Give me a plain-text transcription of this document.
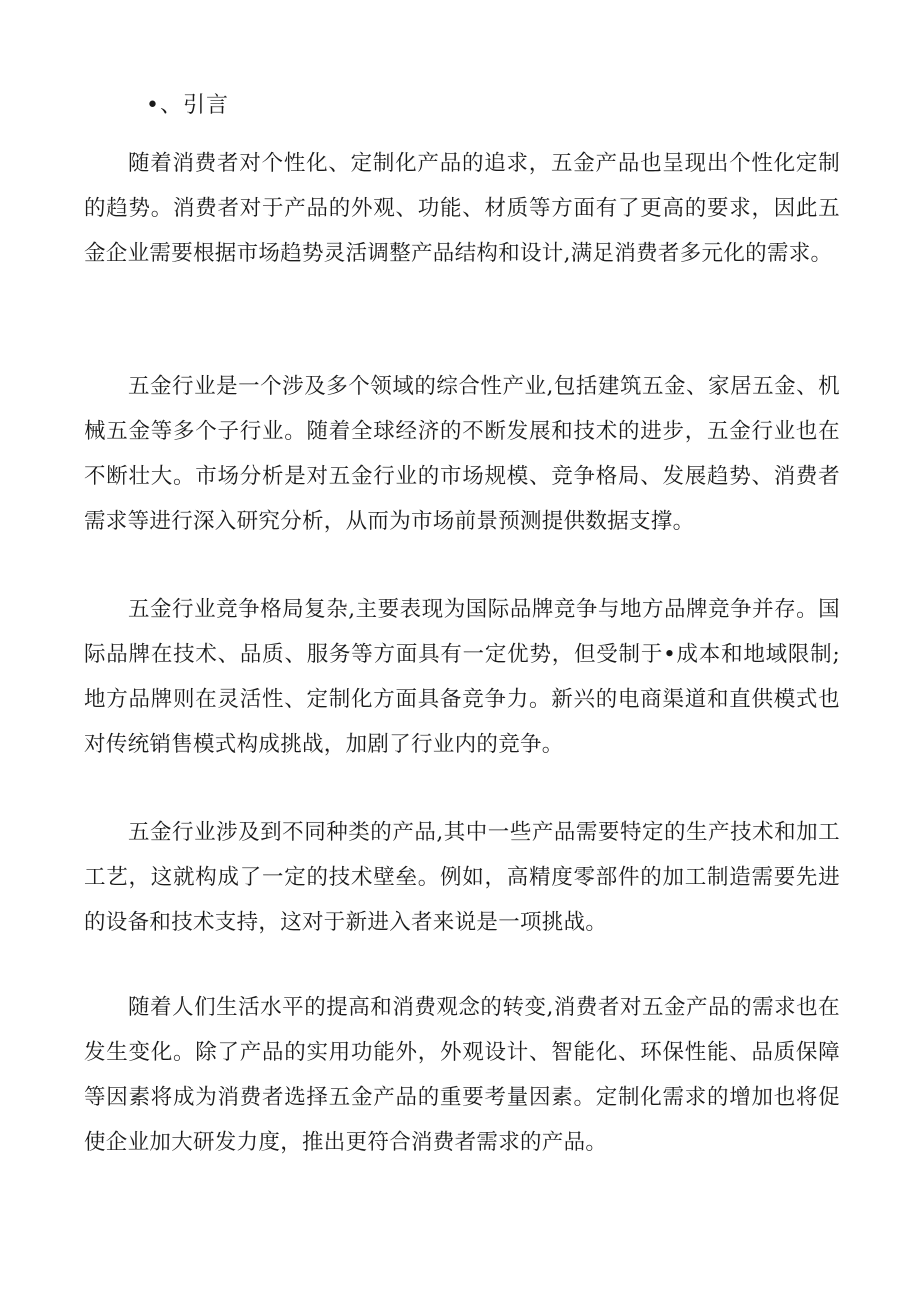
•、引言

随着消费者对个性化、定制化产品的追求，五金产品也呈现出个性化定制的趋势。消费者对于产品的外观、功能、材质等方面有了更高的要求，因此五金企业需要根据市场趋势灵活调整产品结构和设计,满足消费者多元化的需求。

五金行业是一个涉及多个领域的综合性产业,包括建筑五金、家居五金、机械五金等多个子行业。随着全球经济的不断发展和技术的进步，五金行业也在不断壮大。市场分析是对五金行业的市场规模、竞争格局、发展趋势、消费者需求等进行深入研究分析，从而为市场前景预测提供数据支撑。

五金行业竞争格局复杂,主要表现为国际品牌竞争与地方品牌竞争并存。国际品牌在技术、品质、服务等方面具有一定优势，但受制于•成本和地域限制;地方品牌则在灵活性、定制化方面具备竞争力。新兴的电商渠道和直供模式也对传统销售模式构成挑战，加剧了行业内的竞争。

五金行业涉及到不同种类的产品,其中一些产品需要特定的生产技术和加工工艺，这就构成了一定的技术壁垒。例如，高精度零部件的加工制造需要先进的设备和技术支持，这对于新进入者来说是一项挑战。

随着人们生活水平的提高和消费观念的转变,消费者对五金产品的需求也在发生变化。除了产品的实用功能外，外观设计、智能化、环保性能、品质保障等因素将成为消费者选择五金产品的重要考量因素。定制化需求的增加也将促使企业加大研发力度，推出更符合消费者需求的产品。
